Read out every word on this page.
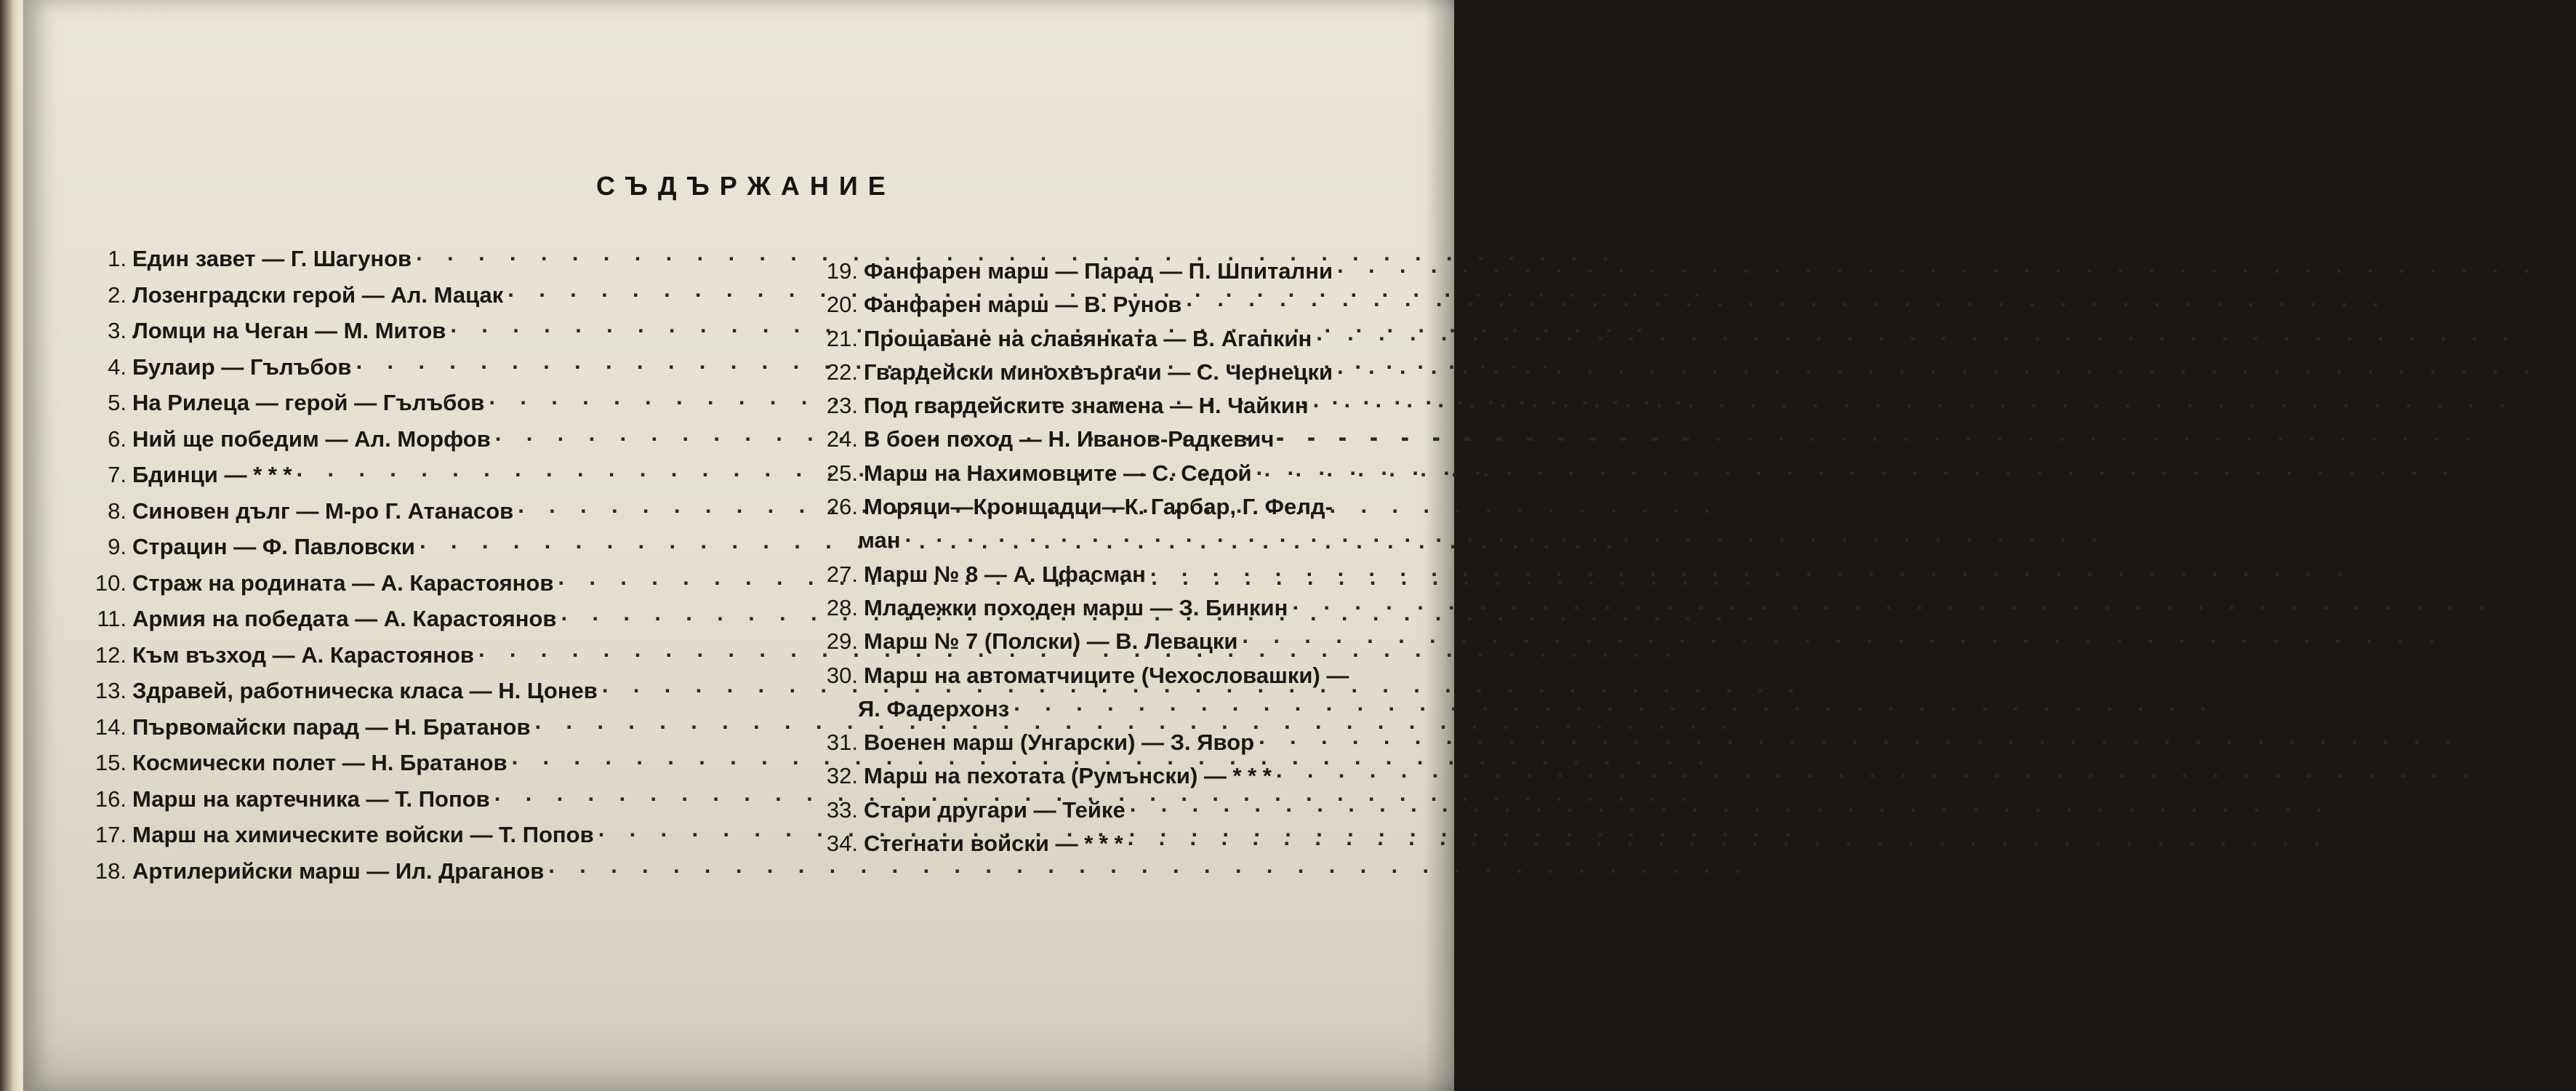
СЪДЪРЖАНИЕ
1. Един завет — Г. Шагунов · · ·	3
2. Лозенградски герой — Ал. Мацак · · ·	5
3. Ломци на Чеган — М. Митов · · ·	7
4. Булаир — Гълъбов · · ·	9
5. На Рилеца — герой — Гълъбов · · ·	11
6. Ний ще победим — Ал. Морфов · · ·	13
7. Бдинци — * * * · · ·	15
8. Синовен дълг — М-ро Г. Атанасов · · ·	17
9. Страцин — Ф. Павловски · · ·	18
10. Страж на родината — А. Карастоянов · · ·	21
11. Армия на победата — А. Карастоянов · · ·	24
12. Към възход — А. Карастоянов · · ·	27
13. Здравей, работническа класа — Н. Цонев · · ·	30
14. Първомайски парад — Н. Братанов · · ·	32
15. Космически полет — Н. Братанов · · ·	35
16. Марш на картечника — Т. Попов · · ·	38
17. Марш на химическите войски — Т. Попов · · ·	40
18. Артилерийски марш — Ил. Драганов · · ·	42
19. Фанфарен марш — Парад — П. Шпитални · · ·	43
20. Фанфарен марш — В. Рунов · · ·	45
21. Прощаване на славянката — В. Агапкин · · ·	47
22. Гвардейски минохвъргачи — С. Чернецки · · ·	49
23. Под гвардейските знамена — Н. Чайкин · · ·	52
24. В боен поход — Н. Иванов-Радкевич · · ·	56
25. Марш на Нахимовците — С. Седой · · ·	59
26. Моряци—Кронщадци—К. Гарбар, Г. Фелд-
ман · · ·	61
27. Марш № 8 — А. Цфасман · · ·	63
28. Младежки походен марш — З. Бинкин · · ·	66
29. Марш № 7 (Полски) — В. Левацки · · ·	69
30. Марш на автоматчиците (Чехословашки) —
Я. Фадерхонз · · ·	72
31. Военен марш (Унгарски) — З. Явор · · ·	75
32. Марш на пехотата (Румънски) — * * * · · ·	77
33. Стари другари — Тейке · · ·	79
34. Стегнати войски — * * * · · ·	83
